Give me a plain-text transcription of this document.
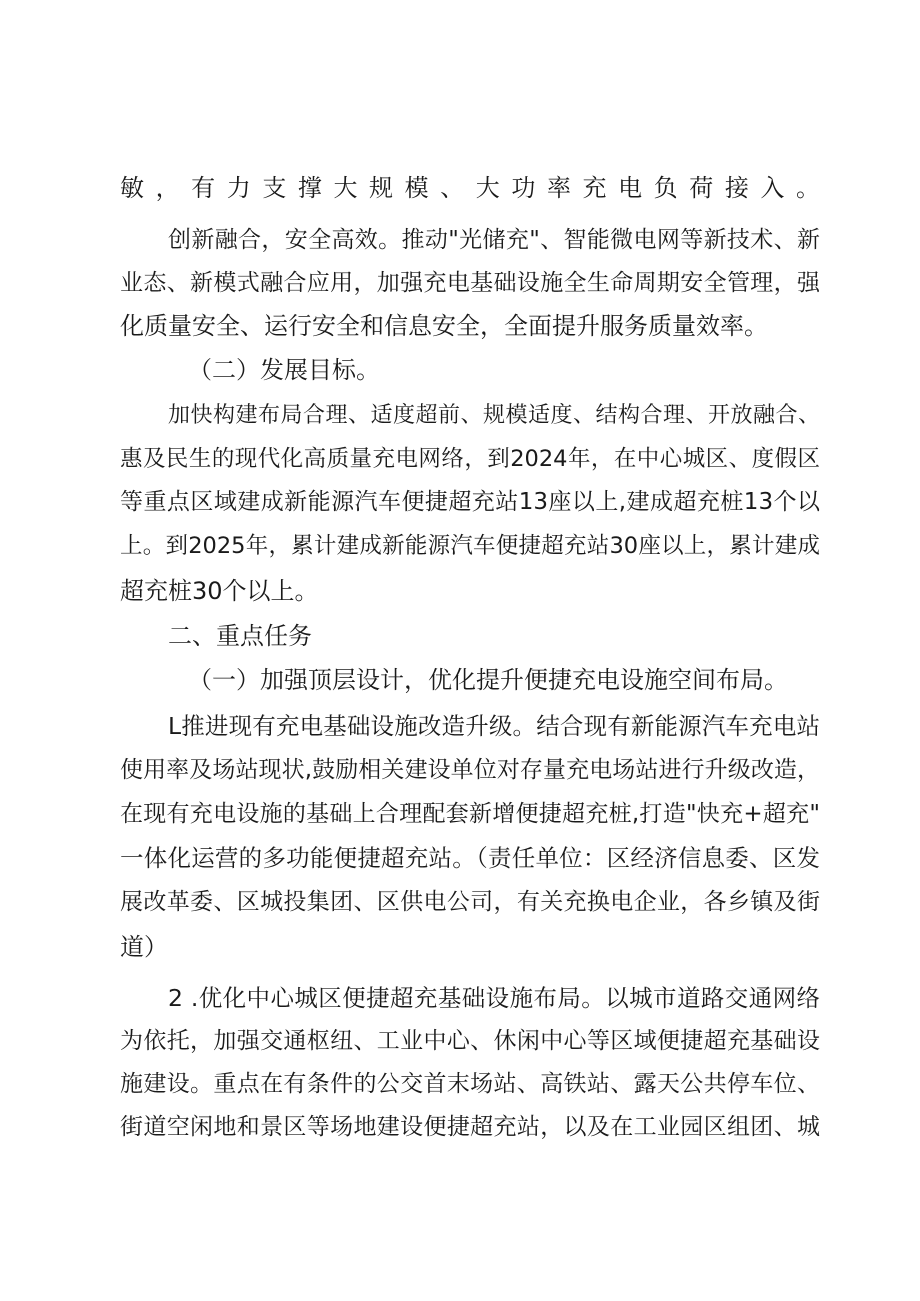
敏，有力支撑大规模、大功率充电负荷接入。
创新融合，安全高效。推动"光储充"、智能微电网等新技术、新
业态、新模式融合应用，加强充电基础设施全生命周期安全管理，强
化质量安全、运行安全和信息安全，全面提升服务质量效率。
（二）发展目标。
加快构建布局合理、适度超前、规模适度、结构合理、开放融合、
惠及民生的现代化高质量充电网络，到2024年，在中心城区、度假区
等重点区域建成新能源汽车便捷超充站13座以上,建成超充桩13个以
上。到2025年，累计建成新能源汽车便捷超充站30座以上，累计建成
超充桩30个以上。
二、重点任务
（一）加强顶层设计，优化提升便捷充电设施空间布局。
L推进现有充电基础设施改造升级。结合现有新能源汽车充电站
使用率及场站现状,鼓励相关建设单位对存量充电场站进行升级改造，
在现有充电设施的基础上合理配套新增便捷超充桩,打造"快充+超充"
一体化运营的多功能便捷超充站。（责任单位：区经济信息委、区发
展改革委、区城投集团、区供电公司，有关充换电企业，各乡镇及街
道）
2 .优化中心城区便捷超充基础设施布局。以城市道路交通网络
为依托，加强交通枢纽、工业中心、休闲中心等区域便捷超充基础设
施建设。重点在有条件的公交首末场站、高铁站、露天公共停车位、
街道空闲地和景区等场地建设便捷超充站，以及在工业园区组团、城
